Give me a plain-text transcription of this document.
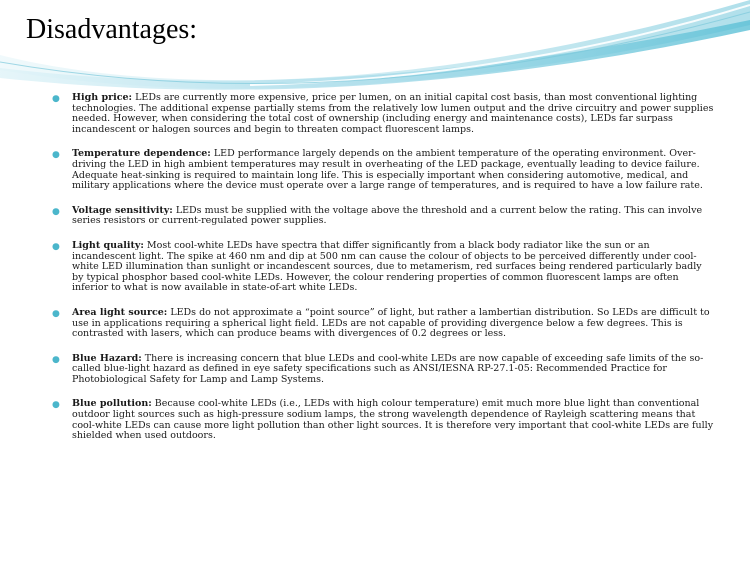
Disadvantages:
● High price: LEDs are currently more expensive, price per lumen, on an initial capital cost basis, than most conventional lighting technologies. The additional expense partially stems from the relatively low lumen output and the drive circuitry and power supplies needed. However, when considering the total cost of ownership (including energy and maintenance costs), LEDs far surpass incandescent or halogen sources and begin to threaten compact fluorescent lamps.
● Temperature dependence: LED performance largely depends on the ambient temperature of the operating environment. Over-driving the LED in high ambient temperatures may result in overheating of the LED package, eventually leading to device failure. Adequate heat-sinking is required to maintain long life. This is especially important when considering automotive, medical, and military applications where the device must operate over a large range of temperatures, and is required to have a low failure rate.
● Voltage sensitivity: LEDs must be supplied with the voltage above the threshold and a current below the rating. This can involve series resistors or current-regulated power supplies.
● Light quality: Most cool-white LEDs have spectra that differ significantly from a black body radiator like the sun or an incandescent light. The spike at 460 nm and dip at 500 nm can cause the colour of objects to be perceived differently under cool-white LED illumination than sunlight or incandescent sources, due to metamerism, red surfaces being rendered particularly badly by typical phosphor based cool-white LEDs. However, the colour rendering properties of common fluorescent lamps are often inferior to what is now available in state-of-art white LEDs.
● Area light source: LEDs do not approximate a “point source” of light, but rather a lambertian distribution. So LEDs are difficult to use in applications requiring a spherical light field. LEDs are not capable of providing divergence below a few degrees. This is contrasted with lasers, which can produce beams with divergences of 0.2 degrees or less.
● Blue Hazard: There is increasing concern that blue LEDs and cool-white LEDs are now capable of exceeding safe limits of the so-called blue-light hazard as defined in eye safety specifications such as ANSI/IESNA RP-27.1-05: Recommended Practice for Photobiological Safety for Lamp and Lamp Systems.
● Blue pollution: Because cool-white LEDs (i.e., LEDs with high colour temperature) emit much more blue light than conventional outdoor light sources such as high-pressure sodium lamps, the strong wavelength dependence of Rayleigh scattering means that cool-white LEDs can cause more light pollution than other light sources. It is therefore very important that cool-white LEDs are fully shielded when used outdoors.
